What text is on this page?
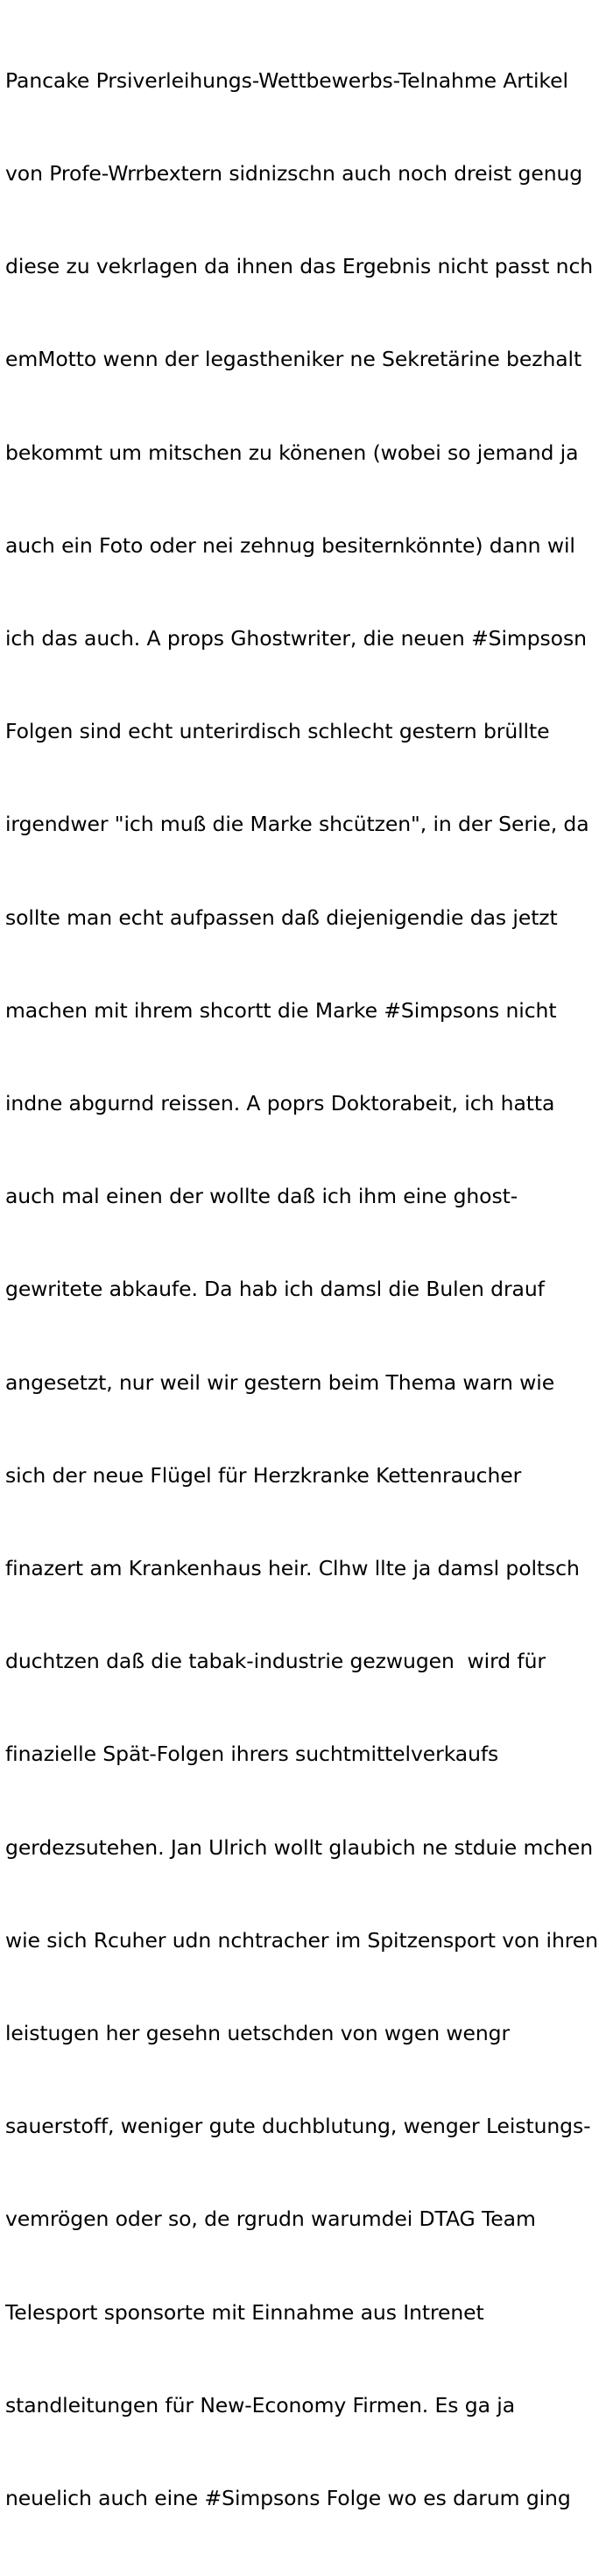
Pancake Prsiverleihungs-Wettbewerbs-Telnahme Artikel

von Profe-Wrrbextern sidnizschn auch noch dreist genug

diese zu vekrlagen da ihnen das Ergebnis nicht passt nch

emMotto wenn der legastheniker ne Sekretärine bezhalt

bekommt um mitschen zu könenen (wobei so jemand ja

auch ein Foto oder nei zehnug besiternkönnte) dann wil

ich das auch. A props Ghostwriter, die neuen #Simpsosn

Folgen sind echt unterirdisch schlecht gestern brüllte

irgendwer "ich muß die Marke shcützen", in der Serie, da

sollte man echt aufpassen daß diejenigendie das jetzt

machen mit ihrem shcortt die Marke #Simpsons nicht

indne abgurnd reissen. A poprs Doktorabeit, ich hatta

auch mal einen der wollte daß ich ihm eine ghost-

gewritete abkaufe. Da hab ich damsl die Bulen drauf

angesetzt, nur weil wir gestern beim Thema warn wie

sich der neue Flügel für Herzkranke Kettenraucher

finazert am Krankenhaus heir. Clhw llte ja damsl poltsch

duchtzen daß die tabak-industrie gezwugen  wird für

finazielle Spät-Folgen ihrers suchtmittelverkaufs

gerdezsutehen. Jan Ulrich wollt glaubich ne stduie mchen

wie sich Rcuher udn nchtracher im Spitzensport von ihren

leistugen her gesehn uetschden von wgen wengr

sauerstoff, weniger gute duchblutung, wenger Leistungs-

vemrögen oder so, de rgrudn warumdei DTAG Team

Telesport sponsorte mit Einnahme aus Intrenet

standleitungen für New-Economy Firmen. Es ga ja

neuelich auch eine #Simpsons Folge wo es darum ging
